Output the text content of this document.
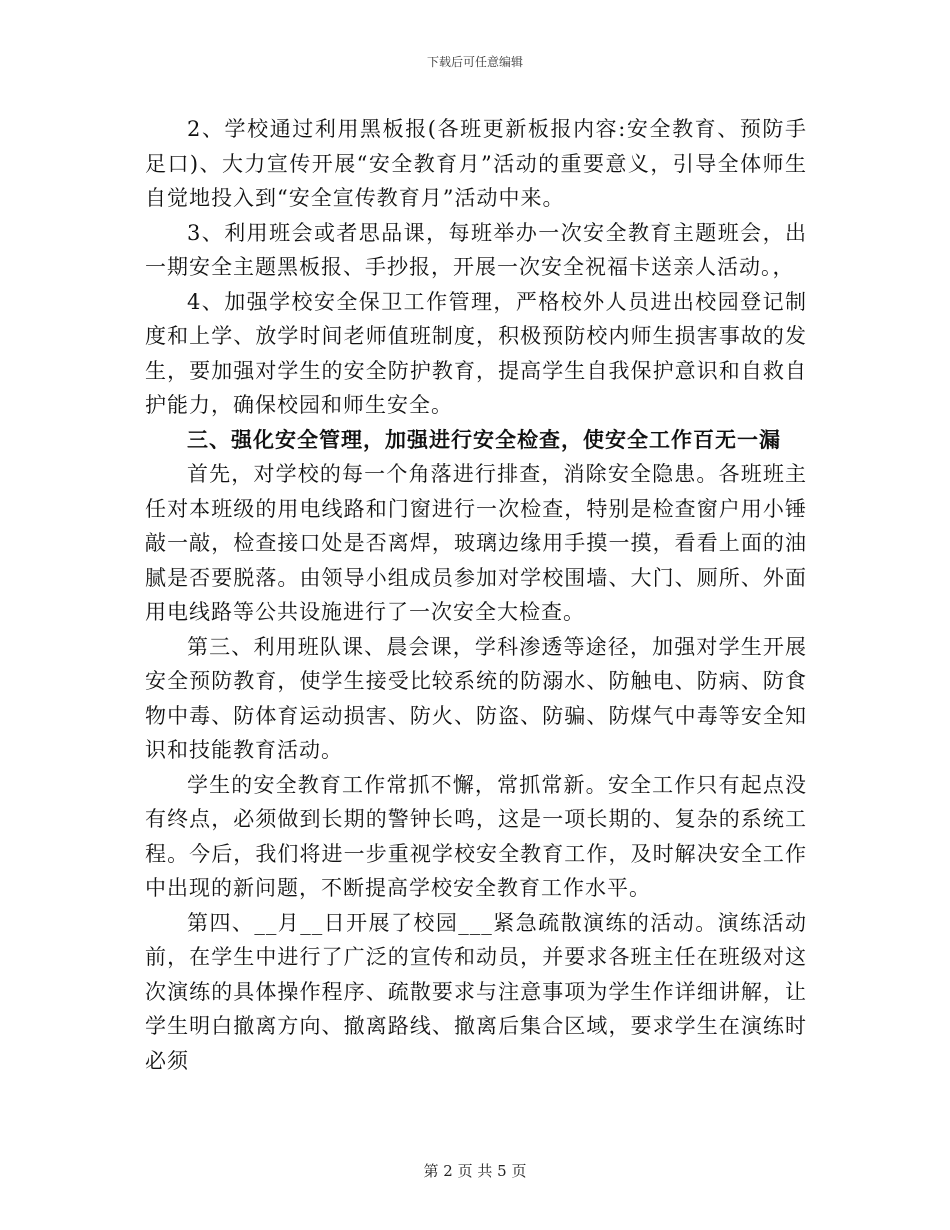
下载后可任意编辑

2、学校通过利用黑板报(各班更新板报内容:安全教育、预防手足口)、大力宣传开展“安全教育月”活动的重要意义，引导全体师生自觉地投入到“安全宣传教育月”活动中来。

3、利用班会或者思品课，每班举办一次安全教育主题班会，出一期安全主题黑板报、手抄报，开展一次安全祝福卡送亲人活动。，

4、加强学校安全保卫工作管理，严格校外人员进出校园登记制度和上学、放学时间老师值班制度，积极预防校内师生损害事故的发生，要加强对学生的安全防护教育，提高学生自我保护意识和自救自护能力，确保校园和师生安全。

三、强化安全管理，加强进行安全检查，使安全工作百无一漏

首先，对学校的每一个角落进行排查，消除安全隐患。各班班主任对本班级的用电线路和门窗进行一次检查，特别是检查窗户用小锤敲一敲，检查接口处是否离焊，玻璃边缘用手摸一摸，看看上面的油腻是否要脱落。由领导小组成员参加对学校围墙、大门、厕所、外面用电线路等公共设施进行了一次安全大检查。

第三、利用班队课、晨会课，学科渗透等途径，加强对学生开展安全预防教育，使学生接受比较系统的防溺水、防触电、防病、防食物中毒、防体育运动损害、防火、防盗、防骗、防煤气中毒等安全知识和技能教育活动。

学生的安全教育工作常抓不懈，常抓常新。安全工作只有起点没有终点，必须做到长期的警钟长鸣，这是一项长期的、复杂的系统工程。今后，我们将进一步重视学校安全教育工作，及时解决安全工作中出现的新问题，不断提高学校安全教育工作水平。

第四、__月__日开展了校园___紧急疏散演练的活动。演练活动前，在学生中进行了广泛的宣传和动员，并要求各班主任在班级对这次演练的具体操作程序、疏散要求与注意事项为学生作详细讲解，让学生明白撤离方向、撤离路线、撤离后集合区域，要求学生在演练时必须

第 2 页 共 5 页
